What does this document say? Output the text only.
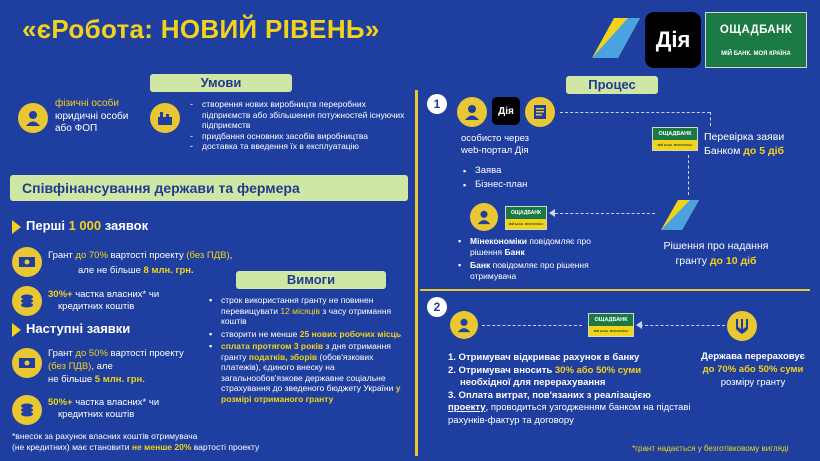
«єРобота: НОВИЙ РІВЕНЬ»	Дія	ОЩАДБАНК
МІЙ БАНК. МОЯ КРАЇНА
Умови
фізичні особи
юридичні особи
або ФОП
- створення нових виробництв переробних підприємств або збільшення потужностей існуючих підприємств
- придбання основних засобів виробництва
- доставка та введення їх в експлуатацію
Співфінансування держави та фермера
Перші 1 000 заявок
Грант до 70% вартості проекту (без ПДВ),
але не більше 8 млн. грн.
30%+ частка власних* чи
кредитних коштів
Наступні заявки
Грант до 50% вартості проекту
(без ПДВ), але
не більше 5 млн. грн.
50%+ частка власних* чи
кредитних коштів
*внесок за рахунок власних коштів отримувача
(не кредитних) має становити не менше 20% вартості проекту
Вимоги
▪ строк використання гранту не повинен перевищувати 12 місяців з часу отримання коштів
▪ створити не менше 25 нових робочих місць
▪ сплата протягом 3 років з дня отримання гранту податків, зборів (обов'язкових платежів), єдиного внеску на загальнообов'язкове державне соціальне страхування до зведеного бюджету України у розмірі отриманого гранту
Процес
1	Дія
особисто через
web-портал Дія
▪ Заява
▪ Бізнес-план
ОЩАДБАНК
МІЙ БАНК. МОЯ КРАЇНА
Перевірка заяви
Банком до 5 діб
Рішення про надання
гранту до 10 діб
ОЩАДБАНК
МІЙ БАНК. МОЯ КРАЇНА
▪ Мінекономіки повідомляє про рішення Банк
▪ Банк повідомляє про рішення отримувача
2
ОЩАДБАНК
МІЙ БАНК. МОЯ КРАЇНА
1. Отримувач відкриває рахунок в банку
2. Отримувач вносить 30% або 50% суми
необхідної для перерахування
3. Оплата витрат, пов'язаних з реалізацією проекту, проводиться узгодженням банком на підставі рахунків-фактур та договору
Держава перераховує
до 70% або 50% суми
розміру гранту
*грант надається у безготівковому вигляді
